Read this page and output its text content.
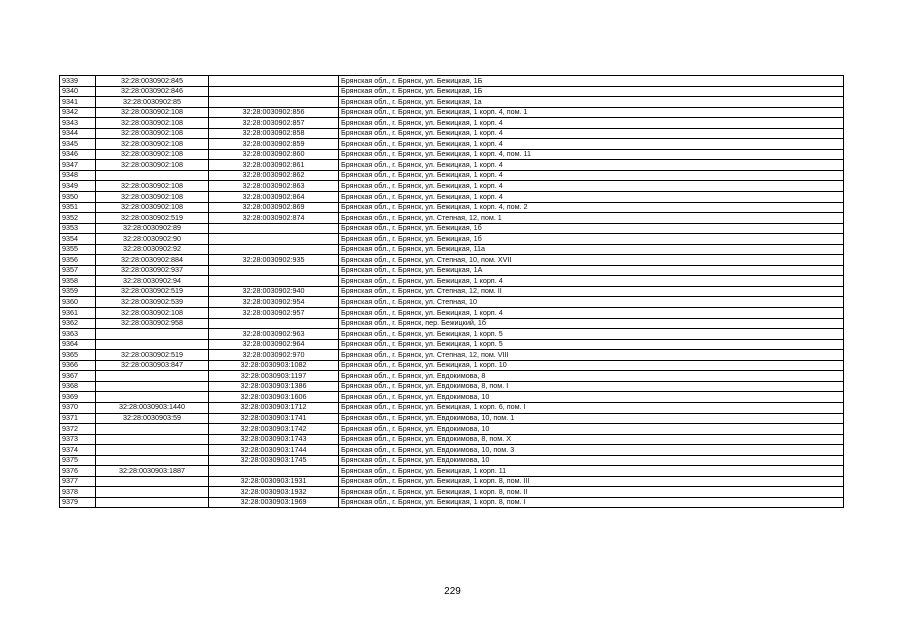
9339	32:28:0030902:845		Брянская обл., г. Брянск, ул. Бежицкая, 1Б
9340	32:28:0030902:846		Брянская обл., г. Брянск, ул. Бежицкая, 1Б
9341	32:28:0030902:85		Брянская обл., г. Брянск, ул. Бежицкая, 1а
9342	32:28:0030902:108	32:28:0030902:856	Брянская обл., г. Брянск, ул. Бежицкая, 1 корп. 4, пом. 1
9343	32:28:0030902:108	32:28:0030902:857	Брянская обл., г. Брянск, ул. Бежицкая, 1 корп. 4
9344	32:28:0030902:108	32:28:0030902:858	Брянская обл., г. Брянск, ул. Бежицкая, 1 корп. 4
9345	32:28:0030902:108	32:28:0030902:859	Брянская обл., г. Брянск, ул. Бежицкая, 1 корп. 4
9346	32:28:0030902:108	32:28:0030902:860	Брянская обл., г. Брянск, ул. Бежицкая, 1 корп. 4, пом. 11
9347	32:28:0030902:108	32:28:0030902:861	Брянская обл., г. Брянск, ул. Бежицкая, 1 корп. 4
9348		32:28:0030902:862	Брянская обл., г. Брянск, ул. Бежицкая, 1 корп. 4
9349	32:28:0030902:108	32:28:0030902:863	Брянская обл., г. Брянск, ул. Бежицкая, 1 корп. 4
9350	32:28:0030902:108	32:28:0030902:864	Брянская обл., г. Брянск, ул. Бежицкая, 1 корп. 4
9351	32:28:0030902:108	32:28:0030902:869	Брянская обл., г. Брянск, ул. Бежицкая, 1 корп. 4, пом. 2
9352	32:28:0030902:519	32:28:0030902:874	Брянская обл., г. Брянск, ул. Степная, 12, пом. 1
9353	32:28:0030902:89		Брянская обл., г. Брянск, ул. Бежицкая, 1б
9354	32:28:0030902:90		Брянская обл., г. Брянск, ул. Бежицкая, 1б
9355	32:28:0030902:92		Брянская обл., г. Брянск, ул. Бежицкая, 11а
9356	32:28:0030902:884	32:28:0030902:935	Брянская обл., г. Брянск, ул. Степная, 10, пом. XVII
9357	32:28:0030902:937		Брянская обл., г. Брянск, ул. Бежицкая, 1А
9358	32:28:0030902:94		Брянская обл., г. Брянск, ул. Бежицкая, 1 корп. 4
9359	32:28:0030902:519	32:28:0030902:940	Брянская обл., г. Брянск, ул. Степная, 12, пом. II
9360	32:28:0030902:539	32:28:0030902:954	Брянская обл., г. Брянск, ул. Степная, 10
9361	32:28:0030902:108	32:28:0030902:957	Брянская обл., г. Брянск, ул. Бежицкая, 1 корп. 4
9362	32:28:0030902:958		Брянская обл., г. Брянск, пер. Бежицкий, 1б
9363		32:28:0030902:963	Брянская обл., г. Брянск, ул. Бежицкая, 1 корп. 5
9364		32:28:0030902:964	Брянская обл., г. Брянск, ул. Бежицкая, 1 корп. 5
9365	32:28:0030902:519	32:28:0030902:970	Брянская обл., г. Брянск, ул. Степная, 12, пом. VIII
9366	32:28:0030903:847	32:28:0030903:1082	Брянская обл., г. Брянск, ул. Бежицкая, 1 корп. 10
9367		32:28:0030903:1197	Брянская обл., г. Брянск, ул. Евдокимова, 8
9368		32:28:0030903:1386	Брянская обл., г. Брянск, ул. Евдокимова, 8, пом. I
9369		32:28:0030903:1606	Брянская обл., г. Брянск, ул. Евдокимова, 10
9370	32:28:0030903:1440	32:28:0030903:1712	Брянская обл., г. Брянск, ул. Бежицкая, 1 корп. 6, пом. I
9371	32:28:0030903:59	32:28:0030903:1741	Брянская обл., г. Брянск, ул. Евдокимова, 10, пом. 1
9372		32:28:0030903:1742	Брянская обл., г. Брянск, ул. Евдокимова, 10
9373		32:28:0030903:1743	Брянская обл., г. Брянск, ул. Евдокимова, 8, пом. X
9374		32:28:0030903:1744	Брянская обл., г. Брянск, ул. Евдокимова, 10, пом. 3
9375		32:28:0030903:1745	Брянская обл., г. Брянск, ул. Евдокимова, 10
9376	32:28:0030903:1887		Брянская обл., г. Брянск, ул. Бежицкая, 1 корп. 11
9377		32:28:0030903:1931	Брянская обл., г. Брянск, ул. Бежицкая, 1 корп. 8, пом. III
9378		32:28:0030903:1932	Брянская обл., г. Брянск, ул. Бежицкая, 1 корп. 8, пом. II
9379		32:28:0030903:1969	Брянская обл., г. Брянск, ул. Бежицкая, 1 корп. 8, пом. I
229
